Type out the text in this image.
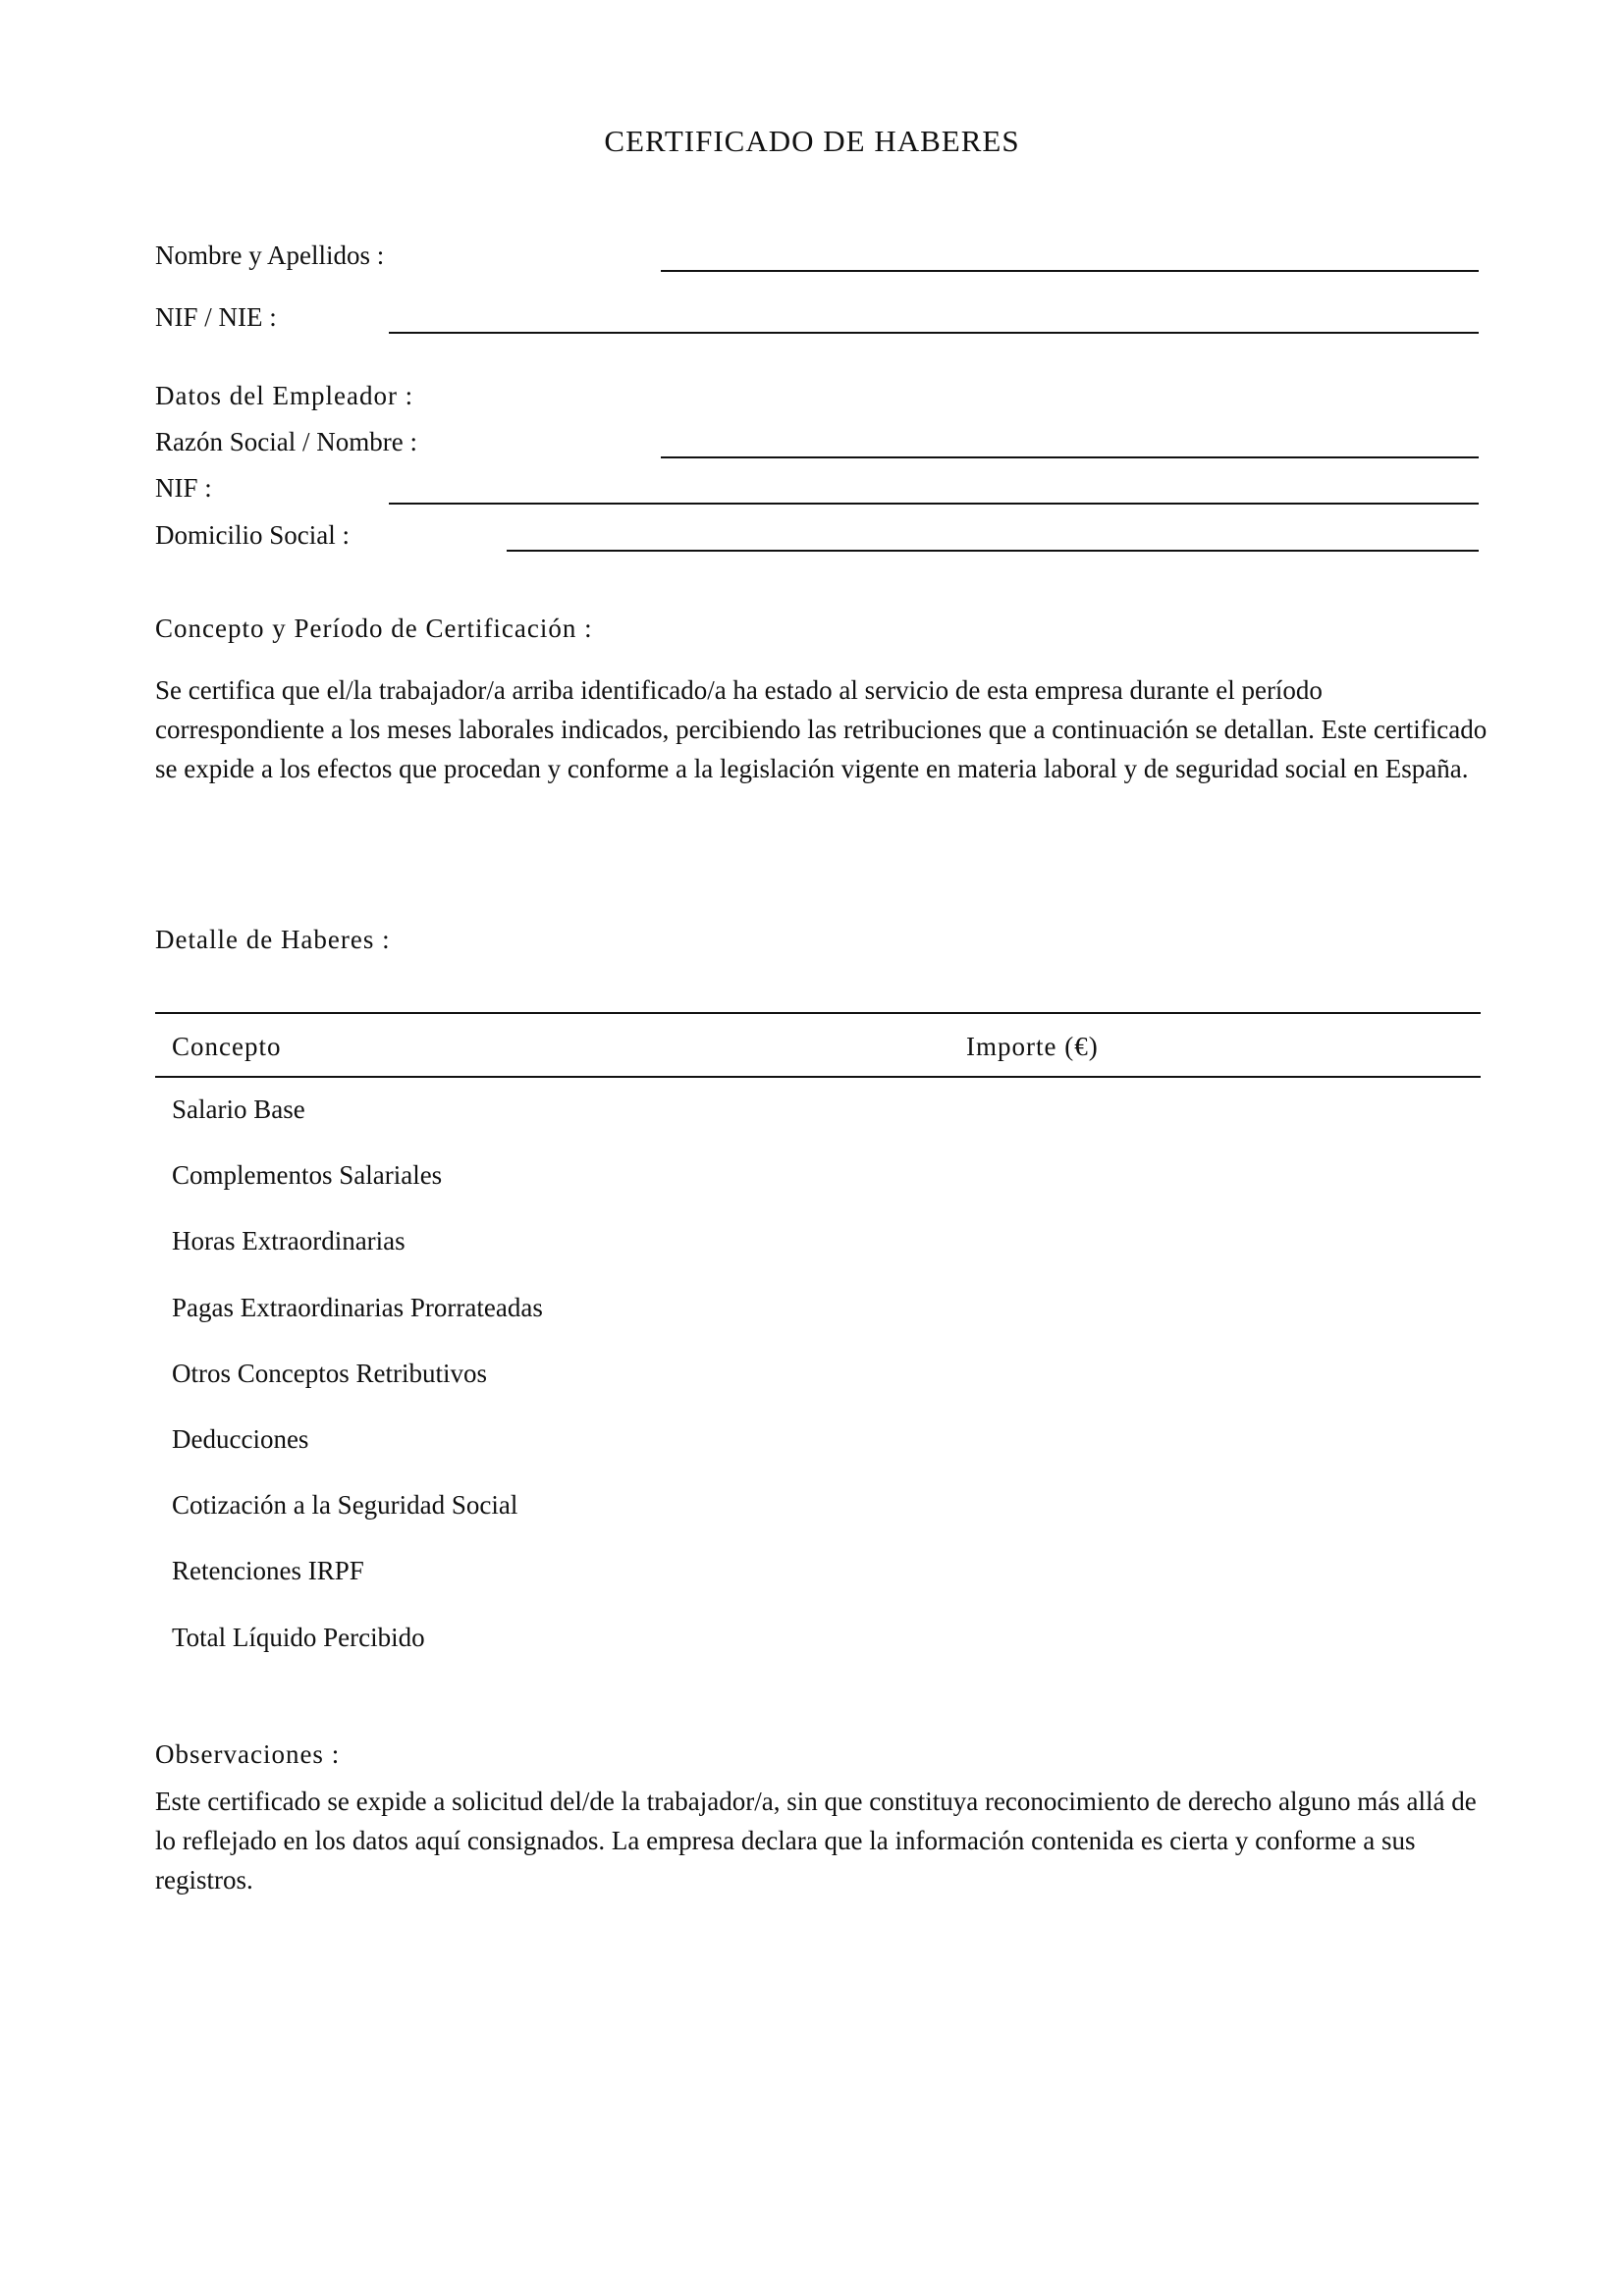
CERTIFICADO DE HABERES
Nombre y Apellidos :
NIF / NIE :
Datos del Empleador :
Razón Social / Nombre :
NIF :
Domicilio Social :
Concepto y Período de Certificación :
Se certifica que el/la trabajador/a arriba identificado/a ha estado al servicio de esta empresa durante el período correspondiente a los meses laborales indicados, percibiendo las retribuciones que a continuación se detallan. Este certificado se expide a los efectos que procedan y conforme a la legislación vigente en materia laboral y de seguridad social en España.
Detalle de Haberes :
Concepto	Importe (€)
Salario Base
Complementos Salariales
Horas Extraordinarias
Pagas Extraordinarias Prorrateadas
Otros Conceptos Retributivos
Deducciones
Cotización a la Seguridad Social
Retenciones IRPF
Total Líquido Percibido
Observaciones :
Este certificado se expide a solicitud del/de la trabajador/a, sin que constituya reconocimiento de derecho alguno más allá de lo reflejado en los datos aquí consignados. La empresa declara que la información contenida es cierta y conforme a sus registros.
